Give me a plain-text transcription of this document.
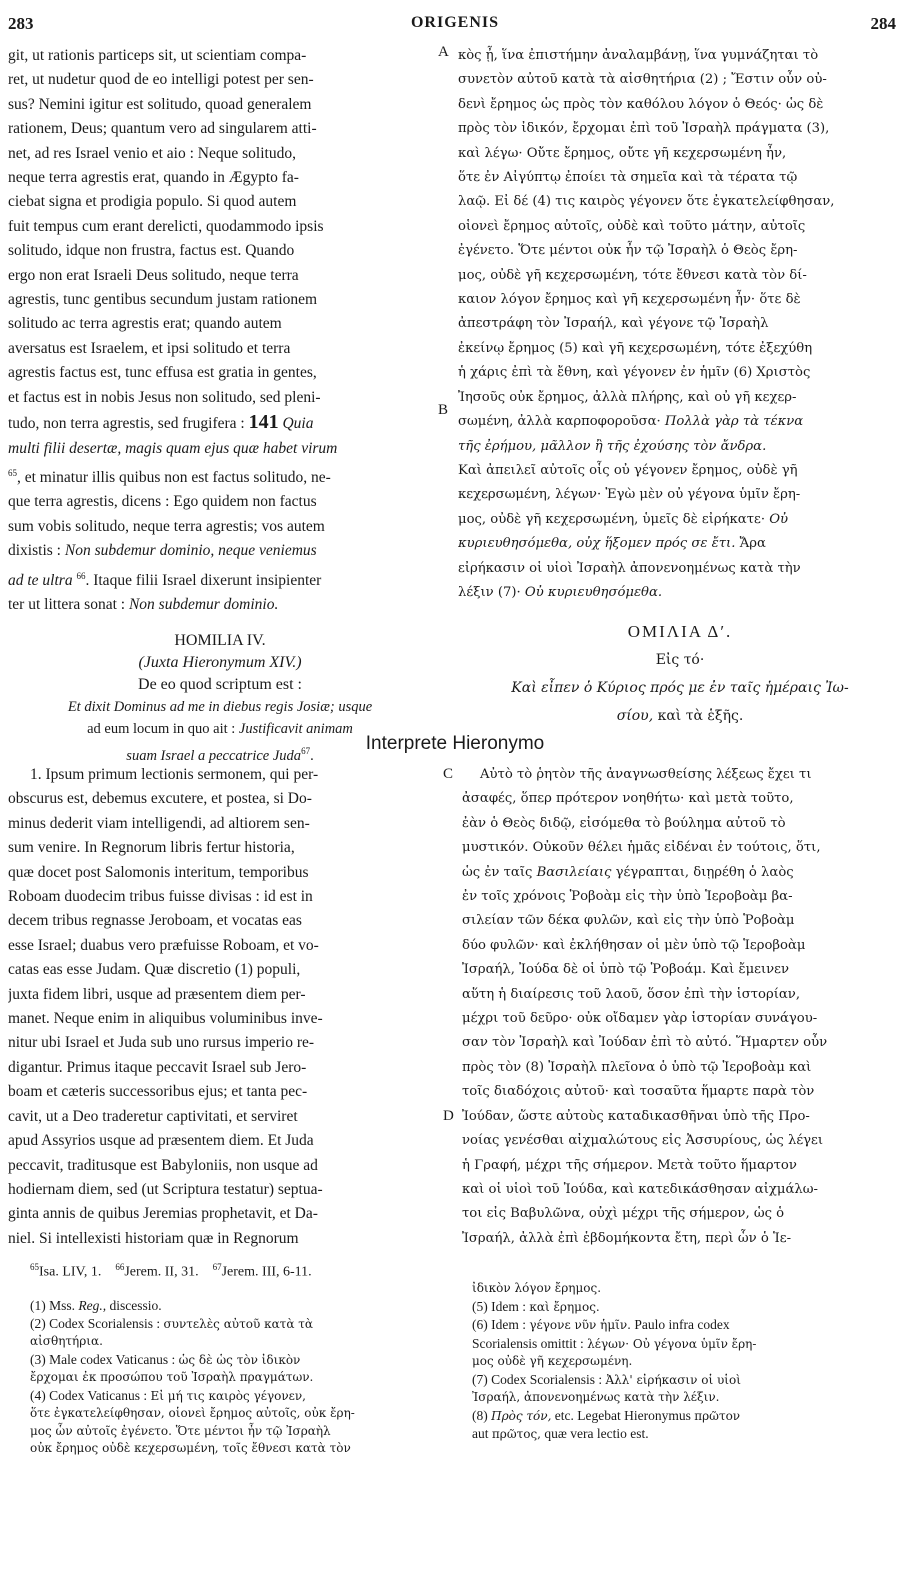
283	ORIGENIS	284
A
B
C
D
git, ut rationis particeps sit, ut scientiam compa-
ret, ut nudetur quod de eo intelligi potest per sen-
sus? Nemini igitur est solitudo, quoad generalem
rationem, Deus; quantum vero ad singularem atti-
net, ad res Israel venio et aio : Neque solitudo,
neque terra agrestis erat, quando in Ægypto fa-
ciebat signa et prodigia populo. Si quod autem
fuit tempus cum erant derelicti, quodammodo ipsis
solitudo, idque non frustra, factus est. Quando
ergo non erat Israeli Deus solitudo, neque terra
agrestis, tunc gentibus secundum justam rationem
solitudo ac terra agrestis erat; quando autem
aversatus est Israelem, et ipsi solitudo et terra
agrestis factus est, tunc effusa est gratia in gentes,
et factus est in nobis Jesus non solitudo, sed pleni-
tudo, non terra agrestis, sed frugifera : 141 Quia
multi filii desertæ, magis quam ejus quæ habet virum
$^{65}$, et minatur illis quibus non est factus solitudo, ne-
que terra agrestis, dicens : Ego quidem non factus
sum vobis solitudo, neque terra agrestis; vos autem
dixistis : Non subdemur dominio, neque veniemus
ad te ultra $^{66}$. Itaque filii Israel dixerunt insipienter
ter ut littera sonat : Non subdemur dominio.
HOMILIA IV.
(Juxta Hieronymum XIV.)
De eo quod scriptum est :
Et dixit Dominus ad me in diebus regis Josiæ; usque
ad eum locum in quo ait : Justificavit animam
suam Israel a peccatrice Juda$^{67}$.
κὸς ᾖ, ἵνα ἐπιστήμην ἀναλαμβάνῃ, ἵνα γυμνάζηται τὸ
συνετὸν αὐτοῦ κατὰ τὰ αἰσθητήρια (2) ; Ἔστιν οὖν οὐ-
δενὶ ἔρημος ὡς πρὸς τὸν καθόλου λόγον ὁ Θεός· ὡς δὲ
πρὸς τὸν ἰδικόν, ἔρχομαι ἐπὶ τοῦ Ἰσραὴλ πράγματα (3),
καὶ λέγω· Οὔτε ἔρημος, οὔτε γῆ κεχερσωμένη ἦν,
ὅτε ἐν Αἰγύπτῳ ἐποίει τὰ σημεῖα καὶ τὰ τέρατα τῷ
λαῷ. Εἰ δέ (4) τις καιρὸς γέγονεν ὅτε ἐγκατελείφθησαν,
οἱονεὶ ἔρημος αὐτοῖς, οὐδὲ καὶ τοῦτο μάτην, αὐτοῖς
ἐγένετο. Ὅτε μέντοι οὐκ ἦν τῷ Ἰσραὴλ ὁ Θεὸς ἔρη-
μος, οὐδὲ γῆ κεχερσωμένη, τότε ἔθνεσι κατὰ τὸν δί-
καιον λόγον ἔρημος καὶ γῆ κεχερσωμένη ἦν· ὅτε δὲ
ἀπεστράφη τὸν Ἰσραήλ, καὶ γέγονε τῷ Ἰσραὴλ
ἐκείνῳ ἔρημος (5) καὶ γῆ κεχερσωμένη, τότε ἐξεχύθη
ἡ χάρις ἐπὶ τὰ ἔθνη, καὶ γέγονεν ἐν ἡμῖν (6) Χριστὸς
Ἰησοῦς οὐκ ἔρημος, ἀλλὰ πλήρης, καὶ οὐ γῆ κεχερ-
σωμένη, ἀλλὰ καρποφοροῦσα· Πολλὰ γὰρ τὰ τέκνα
τῆς ἐρήμου, μᾶλλον ἢ τῆς ἐχούσης τὸν ἄνδρα.
Καὶ ἀπειλεῖ αὐτοῖς οἷς οὐ γέγονεν ἔρημος, οὐδὲ γῆ
κεχερσωμένη, λέγων· Ἐγὼ μὲν οὐ γέγονα ὑμῖν ἔρη-
μος, οὐδὲ γῆ κεχερσωμένη, ὑμεῖς δὲ εἰρήκατε· Οὐ
κυριευθησόμεθα, οὐχ ἥξομεν πρός σε ἔτι. Ἄρα
εἰρήκασιν οἱ υἱοὶ Ἰσραὴλ ἀπονενοημένως κατὰ τὴν
λέξιν (7)· Οὐ κυριευθησόμεθα.
ΟΜΙΛΙΑ Δʹ.
Εἰς τό·
Καὶ εἶπεν ὁ Κύριος πρός με ἐν ταῖς ἡμέραις Ἰω-
σίου, καὶ τὰ ἑξῆς.
Interprete Hieronymo
1. Ipsum primum lectionis sermonem, qui per-
obscurus est, debemus excutere, et postea, si Do-
minus dederit viam intelligendi, ad altiorem sen-
sum venire. In Regnorum libris fertur historia,
quæ docet post Salomonis interitum, temporibus
Roboam duodecim tribus fuisse divisas : id est in
decem tribus regnasse Jeroboam, et vocatas eas
esse Israel; duabus vero præfuisse Roboam, et vo-
catas eas esse Judam. Quæ discretio (1) populi,
juxta fidem libri, usque ad præsentem diem per-
manet. Neque enim in aliquibus voluminibus inve-
nitur ubi Israel et Juda sub uno rursus imperio re-
digantur. Primus itaque peccavit Israel sub Jero-
boam et cæteris successoribus ejus; et tanta pec-
cavit, ut a Deo traderetur captivitati, et serviret
apud Assyrios usque ad præsentem diem. Et Juda
peccavit, traditusque est Babyloniis, non usque ad
hodiernam diem, sed (ut Scriptura testatur) septua-
ginta annis de quibus Jeremias prophetavit, et Da-
niel. Si intellexisti historiam quæ in Regnorum
Αὐτὸ τὸ ῥητὸν τῆς ἀναγνωσθείσης λέξεως ἔχει τι
ἀσαφές, ὅπερ πρότερον νοηθήτω· καὶ μετὰ τοῦτο,
ἐὰν ὁ Θεὸς διδῷ, εἰσόμεθα τὸ βούλημα αὐτοῦ τὸ
μυστικόν. Οὐκοῦν θέλει ἡμᾶς εἰδέναι ἐν τούτοις, ὅτι,
ὡς ἐν ταῖς Βασιλείαις γέγραπται, διῃρέθη ὁ λαὸς
ἐν τοῖς χρόνοις Ῥοβοὰμ εἰς τὴν ὑπὸ Ἱεροβοὰμ βα-
σιλείαν τῶν δέκα φυλῶν, καὶ εἰς τὴν ὑπὸ Ῥοβοὰμ
δύο φυλῶν· καὶ ἐκλήθησαν οἱ μὲν ὑπὸ τῷ Ἱεροβοὰμ
Ἰσραήλ, Ἰούδα δὲ οἱ ὑπὸ τῷ Ῥοβοάμ. Καὶ ἔμεινεν
αὕτη ἡ διαίρεσις τοῦ λαοῦ, ὅσον ἐπὶ τὴν ἱστορίαν,
μέχρι τοῦ δεῦρο· οὐκ οἴδαμεν γὰρ ἱστορίαν συνάγου-
σαν τὸν Ἰσραὴλ καὶ Ἰούδαν ἐπὶ τὸ αὐτό. Ἥμαρτεν οὖν
πρὸς τὸν (8) Ἰσραὴλ πλεῖονα ὁ ὑπὸ τῷ Ἱεροβοὰμ καὶ
τοῖς διαδόχοις αὐτοῦ· καὶ τοσαῦτα ἥμαρτε παρὰ τὸν
Ἰούδαν, ὥστε αὐτοὺς καταδικασθῆναι ὑπὸ τῆς Προ-
νοίας γενέσθαι αἰχμαλώτους εἰς Ἀσσυρίους, ὡς λέγει
ἡ Γραφή, μέχρι τῆς σήμερον. Μετὰ τοῦτο ἥμαρτον
καὶ οἱ υἱοὶ τοῦ Ἰούδα, καὶ κατεδικάσθησαν αἰχμάλω-
τοι εἰς Βαβυλῶνα, οὐχὶ μέχρι τῆς σήμερον, ὡς ὁ
Ἰσραήλ, ἀλλὰ ἐπὶ ἑβδομήκοντα ἔτη, περὶ ὧν ὁ Ἱε-
$^{65}$Isa. LIV, 1. $^{66}$Jerem. II, 31. $^{67}$Jerem. III, 6-11.
(1) Mss. Reg., discessio.
(2) Codex Scorialensis : συντελὲς αὐτοῦ κατὰ τὰ
αἰσθητήρια.
(3) Male codex Vaticanus : ὡς δὲ ὡς τὸν ἰδικὸν
ἔρχομαι ἐκ προσώπου τοῦ Ἰσραὴλ πραγμάτων.
(4) Codex Vaticanus : Εἰ μή τις καιρὸς γέγονεν,
ὅτε ἐγκατελείφθησαν, οἱονεὶ ἔρημος αὐτοῖς, οὐκ ἔρη-
μος ὧν αὐτοῖς ἐγένετο. Ὅτε μέντοι ἦν τῷ Ἰσραὴλ
οὐκ ἔρημος οὐδὲ κεχερσωμένη, τοῖς ἔθνεσι κατὰ τὸν
ἰδικὸν λόγον ἔρημος.
(5) Idem : καὶ ἔρημος.
(6) Idem : γέγονε νῦν ἡμῖν. Paulo infra codex
Scorialensis omittit : λέγων· Οὐ γέγονα ὑμῖν ἔρη-
μος οὐδὲ γῆ κεχερσωμένη.
(7) Codex Scorialensis : Ἀλλ' εἰρήκασιν οἱ υἱοὶ
Ἰσραήλ, ἀπονενοημένως κατὰ τὴν λέξιν.
(8) Πρὸς τόν, etc. Legebat Hieronymus πρῶτον
aut πρῶτος, quæ vera lectio est.
